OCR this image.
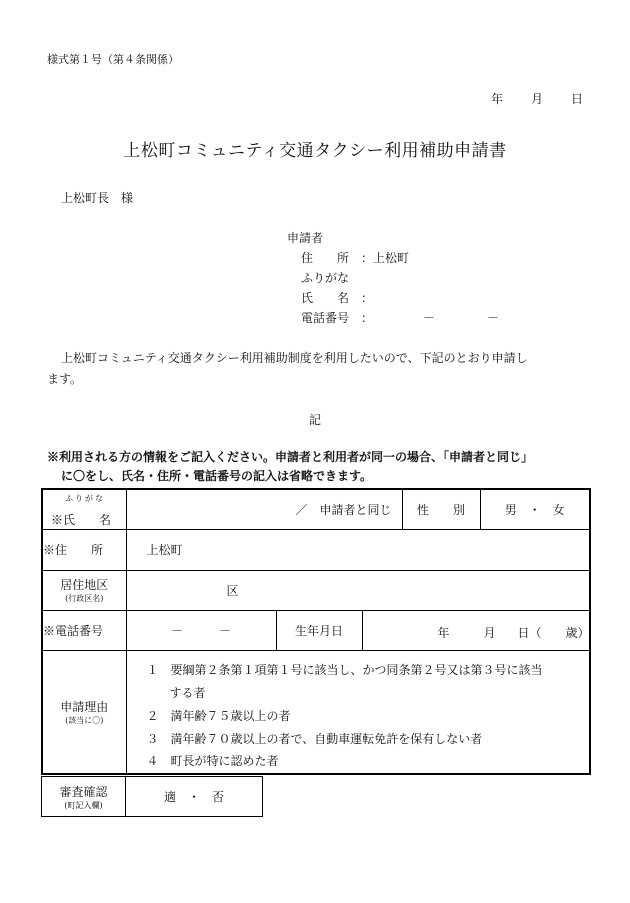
様式第１号（第４条関係）
年 月 日
上松町コミュニティ交通タクシー利用補助申請書
上松町長　様
申請者
住　　所 ：上松町
ふりがな
氏　　名 ：
電話番号 ：	－	－
上松町コミュニティ交通タクシー利用補助制度を利用したいので、下記のとおり申請し
ます。
記
※利用される方の情報をご記入ください。申請者と利用者が同一の場合、「申請者と同じ」
に〇をし、氏名・住所・電話番号の記入は省略できます。
ふりがな
※氏　　名	／　申請者と同じ			性　　別	男　・　女
※住　　所	上松町				

居住地区
(行政区名)	区				
※電話番号	－　　　－	生年月日	年 月 日（ 歳）		

申請理由
(該当に〇)	１　要綱第２条第１項第１号に該当し、かつ同条第２号又は第３号に該当
する者
２　満年齢７５歳以上の者
３　満年齢７０歳以上の者で、自動車運転免許を保有しない者
４　町長が特に認めた者				
審査確認
(町記入欄)
	適　・　否
